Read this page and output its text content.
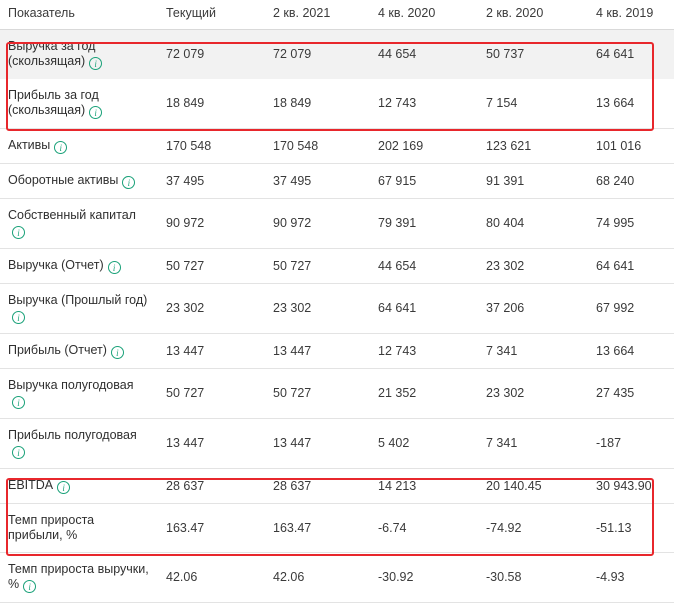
Показатель	Текущий	2 кв. 2021	4 кв. 2020	2 кв. 2020	4 кв. 2019
Выручка за год (скользящая) i	72 079	72 079	44 654	50 737	64 641
Прибыль за год (скользящая) i	18 849	18 849	12 743	7 154	13 664
Активы i	170 548	170 548	202 169	123 621	101 016
Оборотные активы i	37 495	37 495	67 915	91 391	68 240
Собственный капиталi	90 972	90 972	79 391	80 404	74 995
Выручка (Отчет) i	50 727	50 727	44 654	23 302	64 641
Выручка (Прошлый год)i	23 302	23 302	64 641	37 206	67 992
Прибыль (Отчет) i	13 447	13 447	12 743	7 341	13 664
Выручка полугодоваяi	50 727	50 727	21 352	23 302	27 435
Прибыль полугодоваяi	13 447	13 447	5 402	7 341	-187
EBITDA i	28 637	28 637	14 213	20 140.45	30 943.90
Темп прироста прибыли, %	163.47	163.47	-6.74	-74.92	-51.13
Темп прироста выручки, % i	42.06	42.06	-30.92	-30.58	-4.93
